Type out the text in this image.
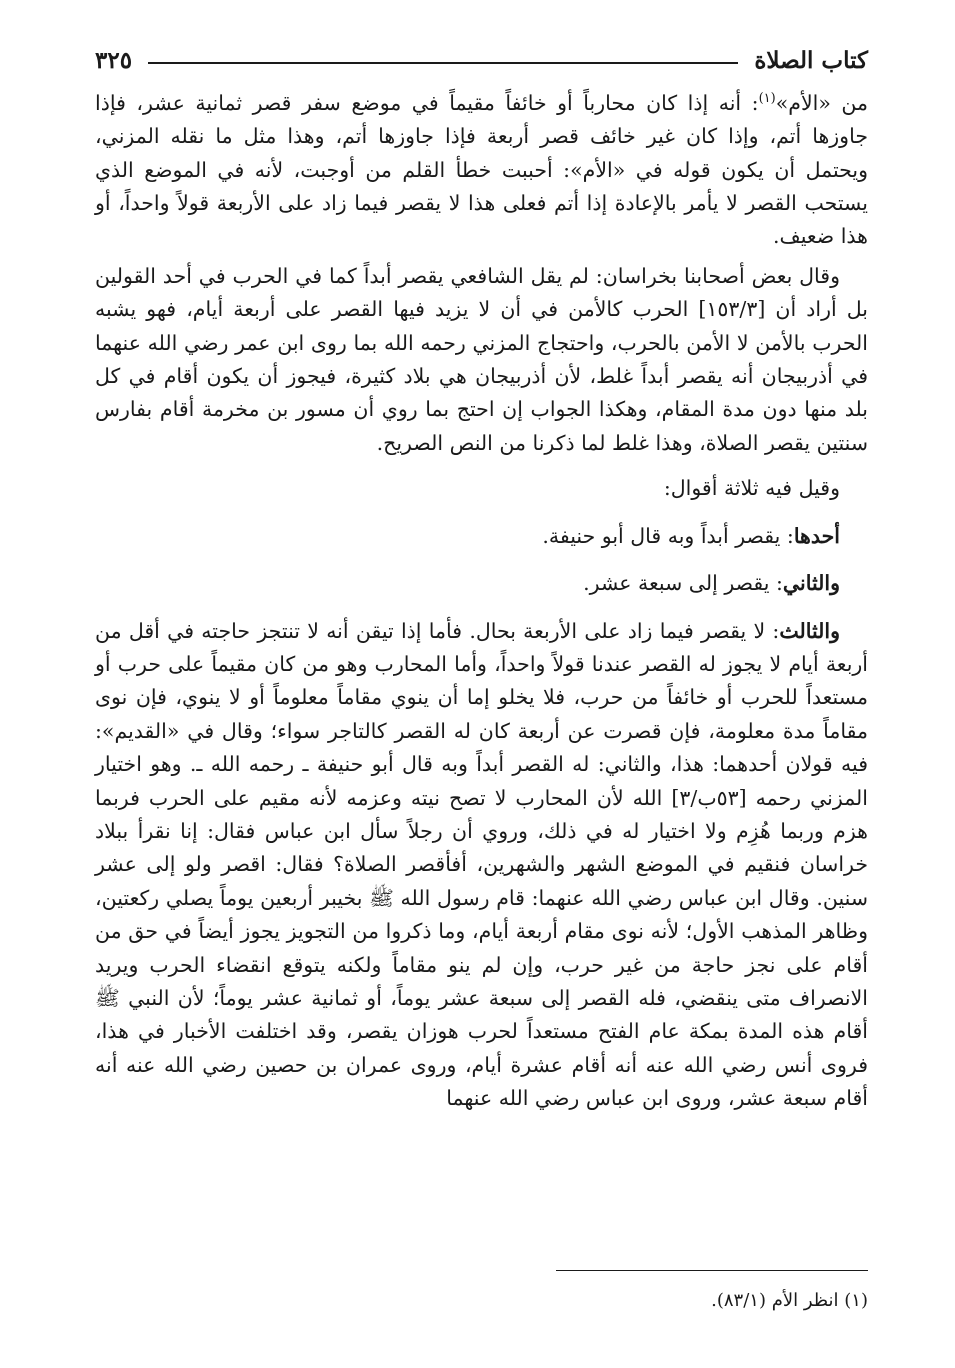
كتاب الصلاة
٣٢٥

من «الأم»$^{(١)}$: أنه إذا كان محارباً أو خائفاً مقيماً في موضع سفر قصر ثمانية عشر، فإذا جاوزها أتم، وإذا كان غير خائف قصر أربعة فإذا جاوزها أتم، وهذا مثل ما نقله المزني، ويحتمل أن يكون قوله في «الأم»: أحببت خطأ القلم من أوجبت، لأنه في الموضع الذي يستحب القصر لا يأمر بالإعادة إذا أتم فعلى هذا لا يقصر فيما زاد على الأربعة قولاً واحداً، أو هذا ضعيف.

وقال بعض أصحابنا بخراسان: لم يقل الشافعي يقصر أبداً كما في الحرب في أحد القولين بل أراد أن [١٥٣/٣] الحرب كالأمن في أن لا يزيد فيها القصر على أربعة أيام، فهو يشبه الحرب بالأمن لا الأمن بالحرب، واحتجاج المزني رحمه الله بما روى ابن عمر رضي الله عنهما في أذربيجان أنه يقصر أبداً غلط، لأن أذربيجان هي بلاد كثيرة، فيجوز أن يكون أقام في كل بلد منها دون مدة المقام، وهكذا الجواب إن احتج بما روي أن مسور بن مخرمة أقام بفارس سنتين يقصر الصلاة، وهذا غلط لما ذكرنا من النص الصريح.

وقيل فيه ثلاثة أقوال:

أحدها: يقصر أبداً وبه قال أبو حنيفة.

والثاني: يقصر إلى سبعة عشر.

والثالث: لا يقصر فيما زاد على الأربعة بحال. فأما إذا تيقن أنه لا تنتجز حاجته في أقل من أربعة أيام لا يجوز له القصر عندنا قولاً واحداً، وأما المحارب وهو من كان مقيماً على حرب أو مستعداً للحرب أو خائفاً من حرب، فلا يخلو إما أن ينوي مقاماً معلوماً أو لا ينوي، فإن نوى مقاماً مدة معلومة، فإن قصرت عن أربعة كان له القصر كالتاجر سواء؛ وقال في «القديم»: فيه قولان أحدهما: هذا، والثاني: له القصر أبداً وبه قال أبو حنيفة ـ رحمه الله ـ. وهو اختيار المزني رحمه [٥٣ب/٣] الله لأن المحارب لا تصح نيته وعزمه لأنه مقيم على الحرب فربما هزم وربما هُزِم ولا اختيار له في ذلك، وروي أن رجلاً سأل ابن عباس فقال: إنا نقرأ ببلاد خراسان فنقيم في الموضع الشهر والشهرين، أفأقصر الصلاة؟ فقال: اقصر ولو إلى عشر سنين. وقال ابن عباس رضي الله عنهما: قام رسول الله ﷺ بخيبر أربعين يوماً يصلي ركعتين، وظاهر المذهب الأول؛ لأنه نوى مقام أربعة أيام، وما ذكروا من التجويز يجوز أيضاً في حق من أقام على نجز حاجة من غير حرب، وإن لم ينو مقاماً ولكنه يتوقع انقضاء الحرب ويريد الانصراف متى ينقضي، فله القصر إلى سبعة عشر يوماً، أو ثمانية عشر يوماً؛ لأن النبي ﷺ أقام هذه المدة بمكة عام الفتح مستعداً لحرب هوزان يقصر، وقد اختلفت الأخبار في هذا، فروى أنس رضي الله عنه أنه أقام عشرة أيام، وروى عمران بن حصين رضي الله عنه أنه أقام سبعة عشر، وروى ابن عباس رضي الله عنهما

(١) انظر الأم (٨٣/١).
